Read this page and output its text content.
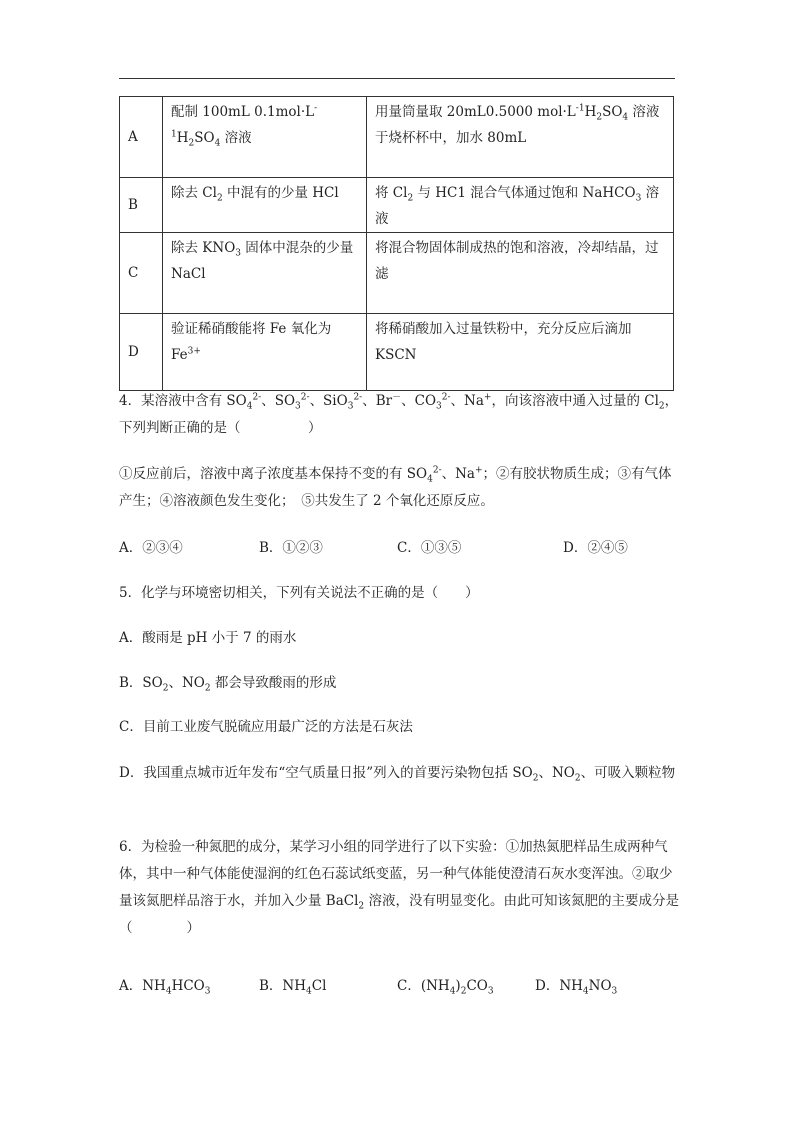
A	配制 100mL $0.1mol\cdot L^{-1}H_2SO_4$ 溶液	用量筒量取 20mL0.5000 $mol\cdot L^{-1}H_2SO_4$ 溶液于烧杯杯中，加水 80mL
B	除去 $Cl_2$ 中混有的少量 HCl	将 $Cl_2$ 与 HC1 混合气体通过饱和 NaHCO$_3$ 溶液
C	除去 $KNO_3$ 固体中混杂的少量 NaCl	将混合物固体制成热的饱和溶液，冷却结晶，过滤
D	验证稀硝酸能将 Fe 氧化为 $Fe^{3+}$	将稀硝酸加入过量铁粉中，充分反应后滴加 KSCN
4．某溶液中含有 $SO_4^{2-}$、$SO_3^{2-}$、SiO$_3^{2-}$、Br－、$CO_3^{2-}$、Na+，向该溶液中通入过量的 $Cl_2$，下列判断正确的是（　　　　　）
①反应前后，溶液中离子浓度基本保持不变的有 $SO_4^{2-}$、Na+；②有胶状物质生成；③有气体产生；④溶液颜色发生变化；　⑤共发生了 2 个氧化还原反应。
A．②③④	B．①②③	C．①③⑤	D．②④⑤
5．化学与环境密切相关，下列有关说法不正确的是（　　）
A．酸雨是 pH 小于 7 的雨水
B．$SO_2$、$NO_2$ 都会导致酸雨的形成
C．目前工业废气脱硫应用最广泛的方法是石灰法
D．我国重点城市近年发布“空气质量日报”列入的首要污染物包括 $SO_2$、$NO_2$、可吸入颗粒物
6．为检验一种氮肥的成分，某学习小组的同学进行了以下实验：①加热氮肥样品生成两种气体，其中一种气体能使湿润的红色石蕊试纸变蓝，另一种气体能使澄清石灰水变浑浊。②取少量该氮肥样品溶于水，并加入少量 BaCl$_2$ 溶液，没有明显变化。由此可知该氮肥的主要成分是（　　　　）
A．$NH_4HCO_3$	B．$NH_4Cl$	C．$(NH_4)_2CO_3$	D．$NH_4NO_3$
